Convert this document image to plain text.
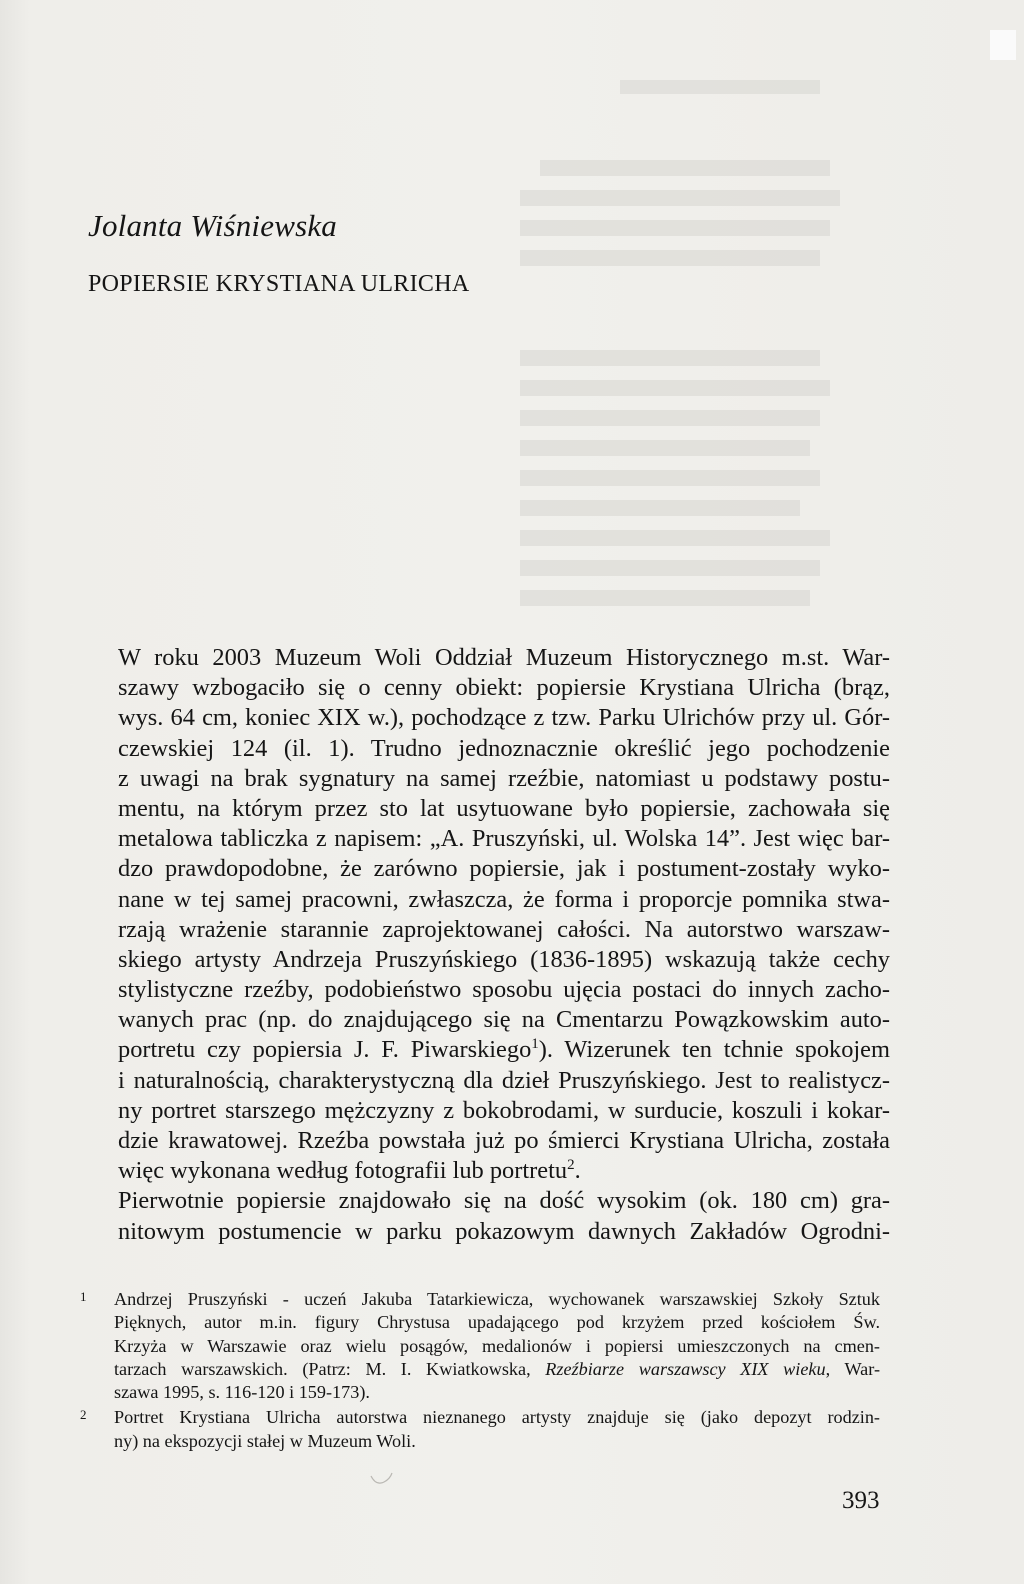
Jolanta Wiśniewska
POPIERSIE KRYSTIANA ULRICHA
W roku 2003 Muzeum Woli Oddział Muzeum Historycznego m.st. War-
szawy wzbogaciło się o cenny obiekt: popiersie Krystiana Ulricha (brąz,
wys. 64 cm, koniec XIX w.), pochodzące z tzw. Parku Ulrichów przy ul. Gór-
czewskiej 124 (il. 1). Trudno jednoznacznie określić jego pochodzenie
z uwagi na brak sygnatury na samej rzeźbie, natomiast u podstawy postu-
mentu, na którym przez sto lat usytuowane było popiersie, zachowała się
metalowa tabliczka z napisem: „A. Pruszyński, ul. Wolska 14”. Jest więc bar-
dzo prawdopodobne, że zarówno popiersie, jak i postument-zostały wyko-
nane w tej samej pracowni, zwłaszcza, że forma i proporcje pomnika stwa-
rzają wrażenie starannie zaprojektowanej całości. Na autorstwo warszaw-
skiego artysty Andrzeja Pruszyńskiego (1836-1895) wskazują także cechy
stylistyczne rzeźby, podobieństwo sposobu ujęcia postaci do innych zacho-
wanych prac (np. do znajdującego się na Cmentarzu Powązkowskim auto-
portretu czy popiersia J. F. Piwarskiego$^1$). Wizerunek ten tchnie spokojem
i naturalnością, charakterystyczną dla dzieł Pruszyńskiego. Jest to realistycz-
ny portret starszego mężczyzny z bokobrodami, w surducie, koszuli i kokar-
dzie krawatowej. Rzeźba powstała już po śmierci Krystiana Ulricha, została
więc wykonana według fotografii lub portretu$^2$.
Pierwotnie popiersie znajdowało się na dość wysokim (ok. 180 cm) gra-
nitowym postumencie w parku pokazowym dawnych Zakładów Ogrodni-
1 Andrzej Pruszyński - uczeń Jakuba Tatarkiewicza, wychowanek warszawskiej Szkoły Sztuk
Pięknych, autor m.in. figury Chrystusa upadającego pod krzyżem przed kościołem Św.
Krzyża w Warszawie oraz wielu posągów, medalionów i popiersi umieszczonych na cmen-
tarzach warszawskich. (Patrz: M. I. Kwiatkowska, Rzeźbiarze warszawscy XIX wieku, War-
szawa 1995, s. 116-120 i 159-173).
2 Portret Krystiana Ulricha autorstwa nieznanego artysty znajduje się (jako depozyt rodzin-
ny) na ekspozycji stałej w Muzeum Woli.
393
